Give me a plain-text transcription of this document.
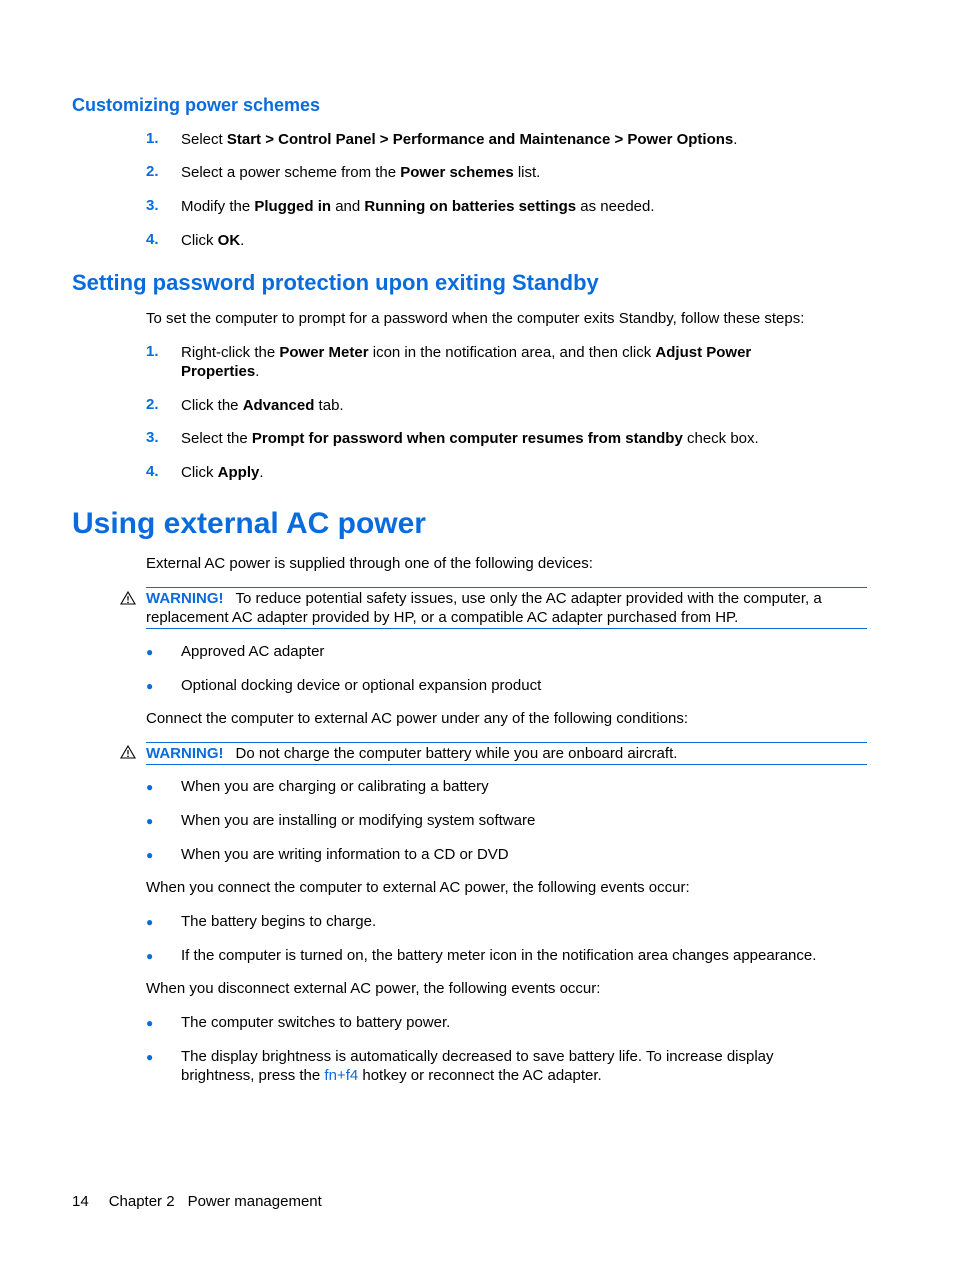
Customizing power schemes
1. Select Start > Control Panel > Performance and Maintenance > Power Options.
2. Select a power scheme from the Power schemes list.
3. Modify the Plugged in and Running on batteries settings as needed.
4. Click OK.
Setting password protection upon exiting Standby
To set the computer to prompt for a password when the computer exits Standby, follow these steps:
1. Right-click the Power Meter icon in the notification area, and then click Adjust Power Properties.
2. Click the Advanced tab.
3. Select the Prompt for password when computer resumes from standby check box.
4. Click Apply.
Using external AC power
External AC power is supplied through one of the following devices:
WARNING! To reduce potential safety issues, use only the AC adapter provided with the computer, a replacement AC adapter provided by HP, or a compatible AC adapter purchased from HP.
● Approved AC adapter
● Optional docking device or optional expansion product
Connect the computer to external AC power under any of the following conditions:
WARNING! Do not charge the computer battery while you are onboard aircraft.
● When you are charging or calibrating a battery
● When you are installing or modifying system software
● When you are writing information to a CD or DVD
When you connect the computer to external AC power, the following events occur:
● The battery begins to charge.
● If the computer is turned on, the battery meter icon in the notification area changes appearance.
When you disconnect external AC power, the following events occur:
● The computer switches to battery power.
● The display brightness is automatically decreased to save battery life. To increase display brightness, press the fn+f4 hotkey or reconnect the AC adapter.
14 Chapter 2 Power management
